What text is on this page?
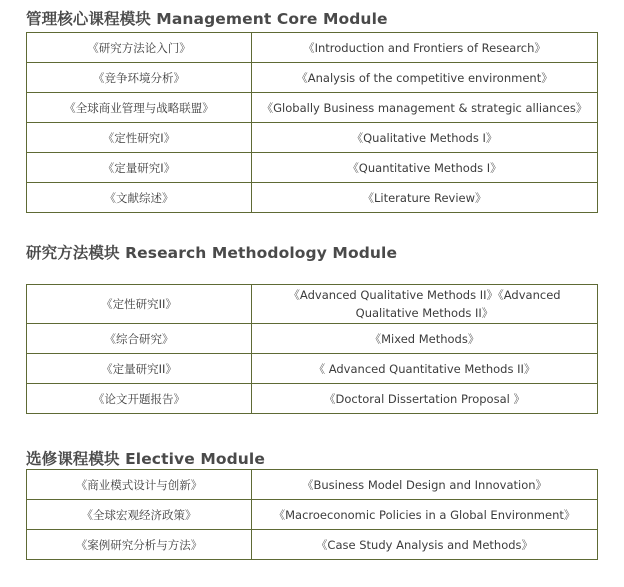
管理核心课程模块 Management Core Module
《研究方法论入门》	《Introduction and Frontiers of Research》
《竞争环境分析》	《Analysis of the competitive environment》
《全球商业管理与战略联盟》	《Globally Business management & strategic alliances》
《定性研究Ⅰ》	《Qualitative Methods Ⅰ》
《定量研究Ⅰ》	《Quantitative Methods Ⅰ》
《文献综述》	《Literature Review》
研究方法模块 Research Methodology Module
《定性研究II》	《Advanced Qualitative Methods II》《Advanced Qualitative Methods II》
《综合研究》	《Mixed Methods》
《定量研究II》	《 Advanced Quantitative Methods II》
《论文开题报告》	《Doctoral Dissertation Proposal 》
选修课程模块 Elective Module
《商业模式设计与创新》	《Business Model Design and Innovation》
《全球宏观经济政策》	《Macroeconomic Policies in a Global Environment》
《案例研究分析与方法》	《Case Study Analysis and Methods》
